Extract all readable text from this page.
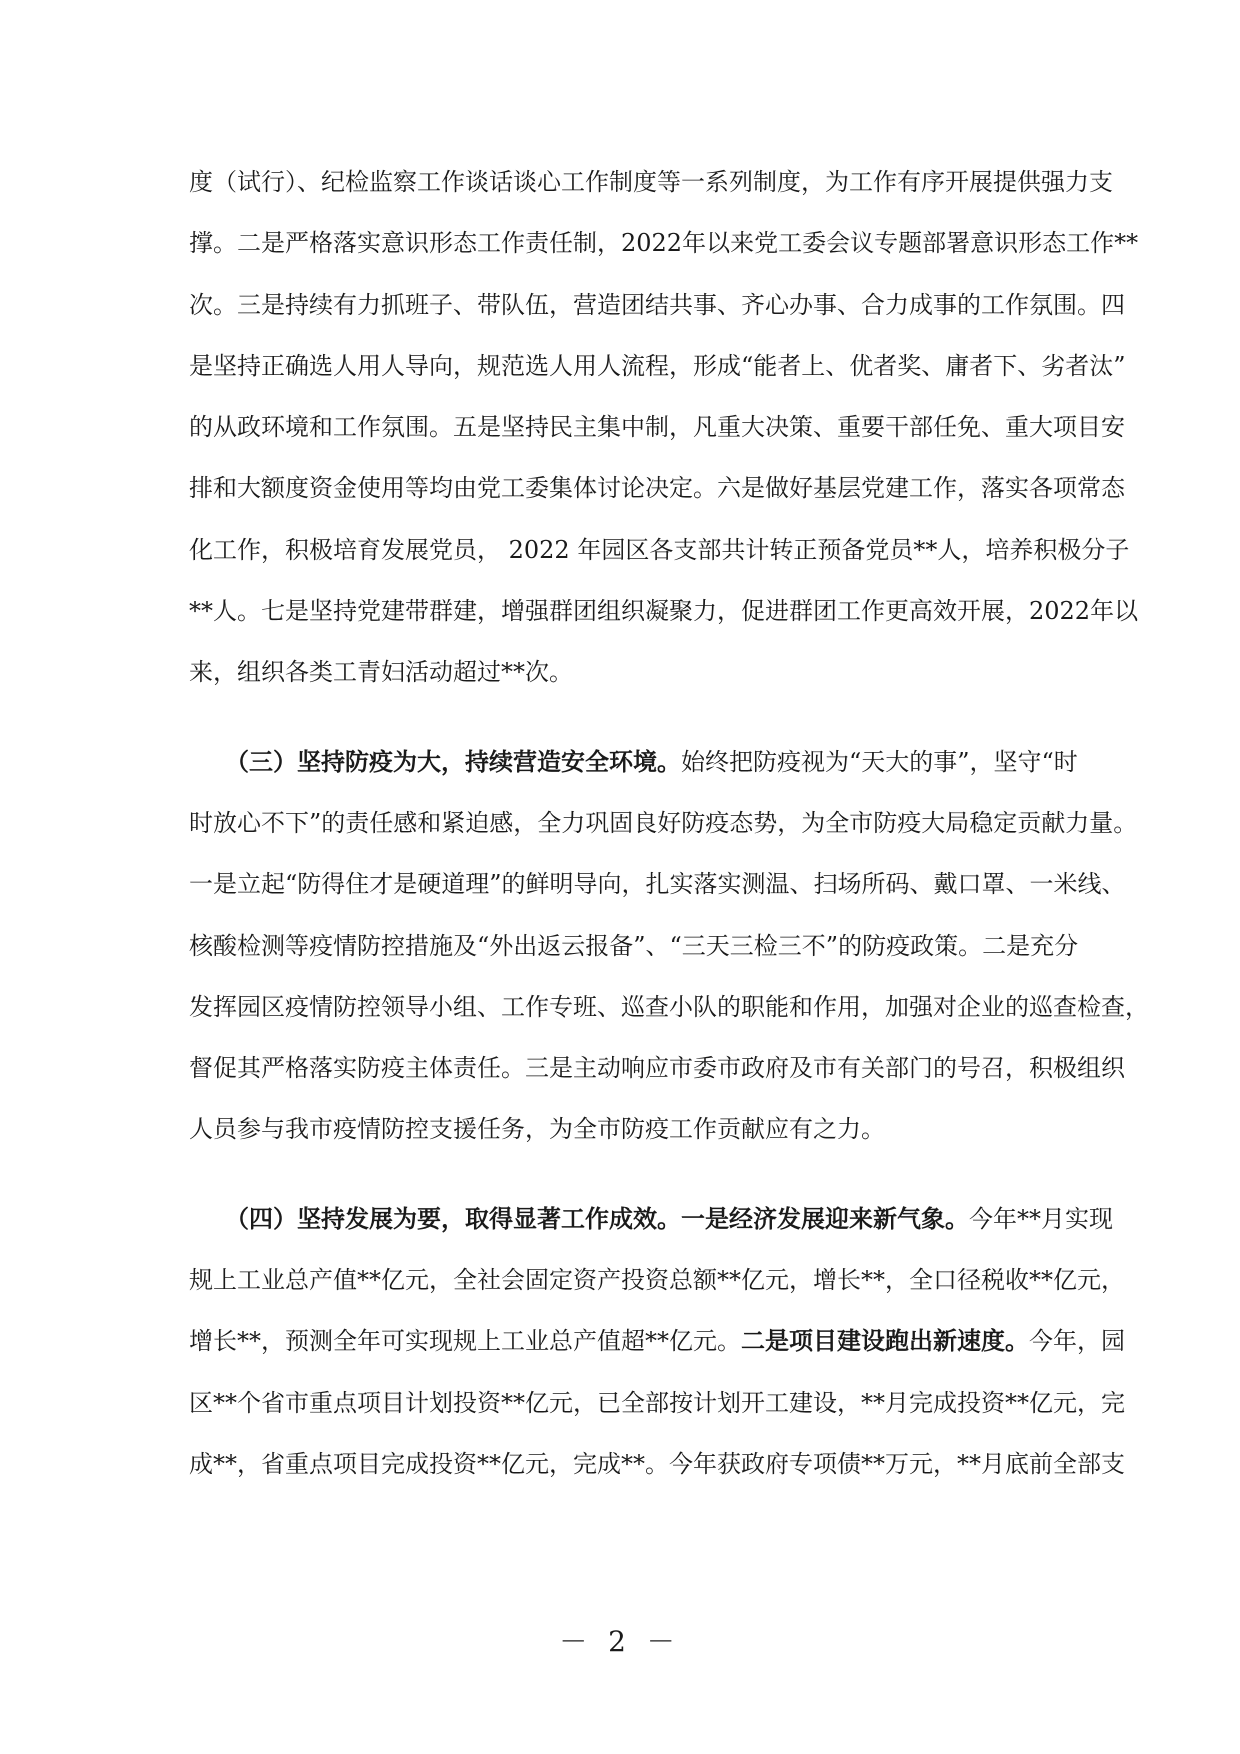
度（试行）、纪检监察工作谈话谈心工作制度等一系列制度，为工作有序开展提供强力支
撑。二是严格落实意识形态工作责任制，2022年以来党工委会议专题部署意识形态工作**
次。三是持续有力抓班子、带队伍，营造团结共事、齐心办事、合力成事的工作氛围。四
是坚持正确选人用人导向，规范选人用人流程，形成“能者上、优者奖、庸者下、劣者汰”
的从政环境和工作氛围。五是坚持民主集中制，凡重大决策、重要干部任免、重大项目安
排和大额度资金使用等均由党工委集体讨论决定。六是做好基层党建工作，落实各项常态
化工作，积极培育发展党员， 2022 年园区各支部共计转正预备党员**人，培养积极分子
**人。七是坚持党建带群建，增强群团组织凝聚力，促进群团工作更高效开展，2022年以
来，组织各类工青妇活动超过**次。
　　（三）坚持防疫为大，持续营造安全环境。始终把防疫视为“天大的事”，坚守“时
时放心不下”的责任感和紧迫感，全力巩固良好防疫态势，为全市防疫大局稳定贡献力量。
一是立起“防得住才是硬道理”的鲜明导向，扎实落实测温、扫场所码、戴口罩、一米线、
核酸检测等疫情防控措施及“外出返云报备”、“三天三检三不”的防疫政策。二是充分
发挥园区疫情防控领导小组、工作专班、巡查小队的职能和作用，加强对企业的巡查检查，
督促其严格落实防疫主体责任。三是主动响应市委市政府及市有关部门的号召，积极组织
人员参与我市疫情防控支援任务，为全市防疫工作贡献应有之力。
　　（四）坚持发展为要，取得显著工作成效。一是经济发展迎来新气象。今年**月实现
规上工业总产值**亿元，全社会固定资产投资总额**亿元，增长**，全口径税收**亿元，
增长**，预测全年可实现规上工业总产值超**亿元。二是项目建设跑出新速度。今年，园
区**个省市重点项目计划投资**亿元，已全部按计划开工建设，**月完成投资**亿元，完
成**，省重点项目完成投资**亿元，完成**。今年获政府专项债**万元，**月底前全部支
－ 2 －
